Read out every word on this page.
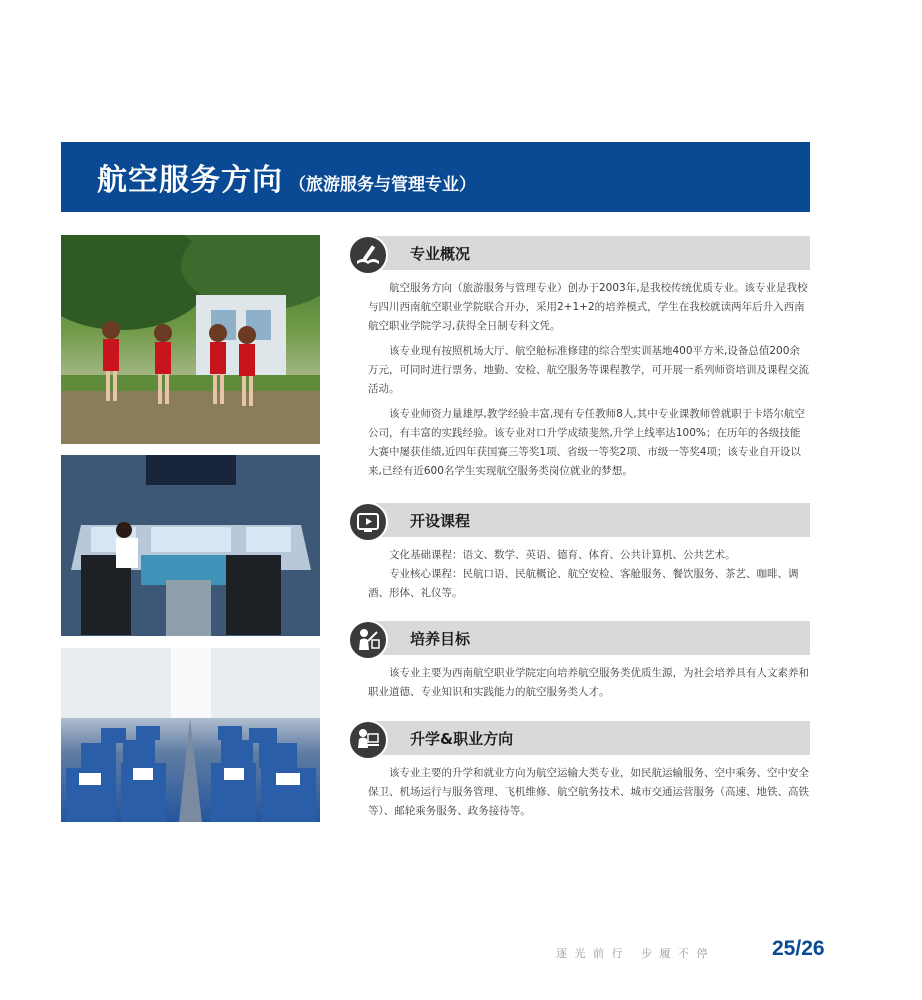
航空服务方向 （旅游服务与管理专业）
专业概况

航空服务方向（旅游服务与管理专业）创办于2003年,是我校传统优质专业。该专业是我校与四川西南航空职业学院联合开办，采用2+1+2的培养模式，学生在我校就读两年后升入西南航空职业学院学习,获得全日制专科文凭。

该专业现有按照机场大厅、航空舱标准修建的综合型实训基地400平方米,设备总值200余万元，可同时进行票务、地勤、安检、航空服务等课程教学，可开展一系列师资培训及课程交流活动。

该专业师资力量雄厚,教学经验丰富,现有专任教师8人,其中专业课教师曾就职于卡塔尔航空公司，有丰富的实践经验。该专业对口升学成绩斐然,升学上线率达100%；在历年的各级技能大赛中屡获佳绩,近四年获国赛三等奖1项、省级一等奖2项、市级一等奖4项；该专业自开设以来,已经有近600名学生实现航空服务类岗位就业的梦想。

开设课程

文化基础课程：语文、数学、英语、德育、体育、公共计算机、公共艺术。

专业核心课程：民航口语、民航概论、航空安检、客舱服务、餐饮服务、茶艺、咖啡、调酒、形体、礼仪等。

培养目标

该专业主要为西南航空职业学院定向培养航空服务类优质生源，为社会培养具有人文素养和职业道德、专业知识和实践能力的航空服务类人才。

升学&职业方向

该专业主要的升学和就业方向为航空运输大类专业，如民航运输服务、空中乘务、空中安全保卫、机场运行与服务管理、飞机维修、航空航务技术、城市交通运营服务（高速、地铁、高铁等）、邮轮乘务服务、政务接待等。

逐 光 前 行   步 履 不 停	25/26
